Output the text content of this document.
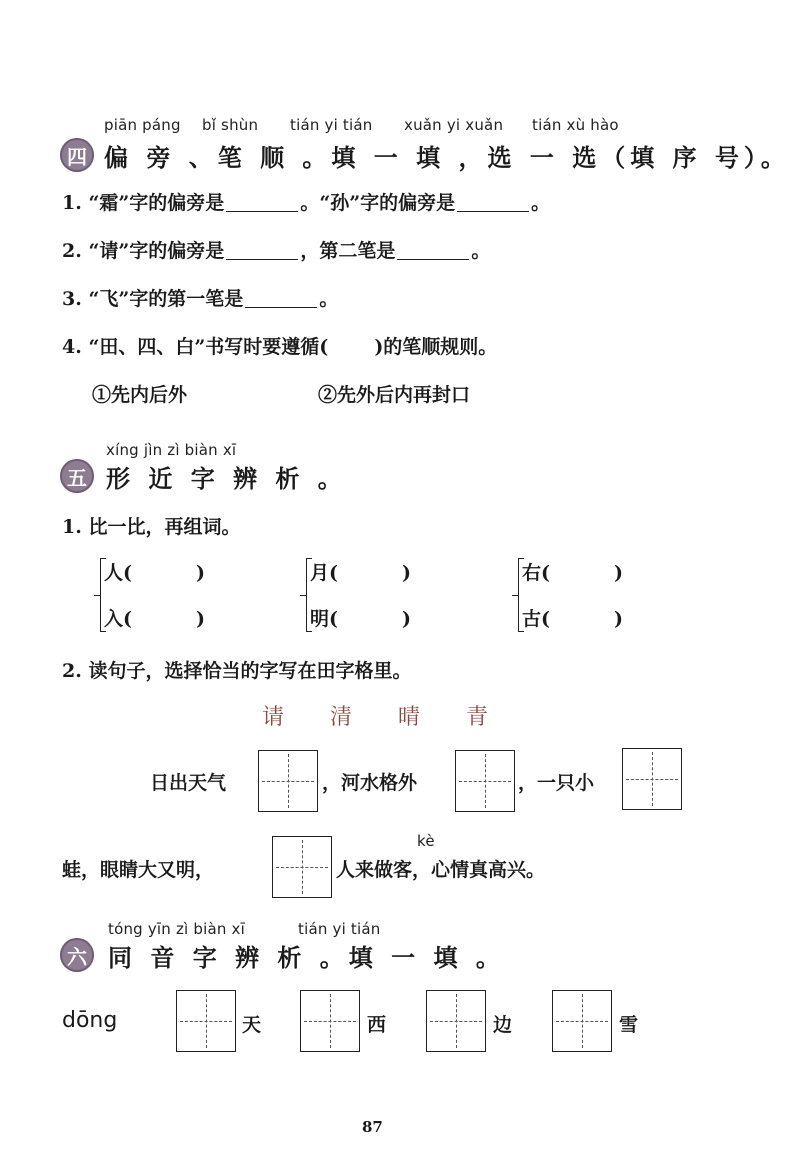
piān páng bǐ shùn tián yi tián xuǎn yi xuǎn tián xù hào
四 偏 旁 、笔 顺 。填 一 填 ，选 一 选（填 序 号）。
1. “霜”字的偏旁是	。“孙”字的偏旁是	。
2. “请”字的偏旁是	，第二笔是	。
3. “飞”字的第一笔是	。
4. “田、四、白”书写时要遵循( )的笔顺规则。
①先内后外	②先外后内再封口
xíng jìn zì biàn xī
五 形 近 字 辨 析 。
1. 比一比，再组词。
人(	)
入(	)
月(	)
明(	)
右(	)
古(	)
2. 读句子，选择恰当的字写在田字格里。
请 清 晴 青
日出天气	，河水格外	，一只小
kè
蛙，眼睛大又明，	人来做客，心情真高兴。
tóng yīn zì biàn xī	tián yi tián
六 同 音 字 辨 析 。填 一 填 。
dōng	天	西	边	雪
87
